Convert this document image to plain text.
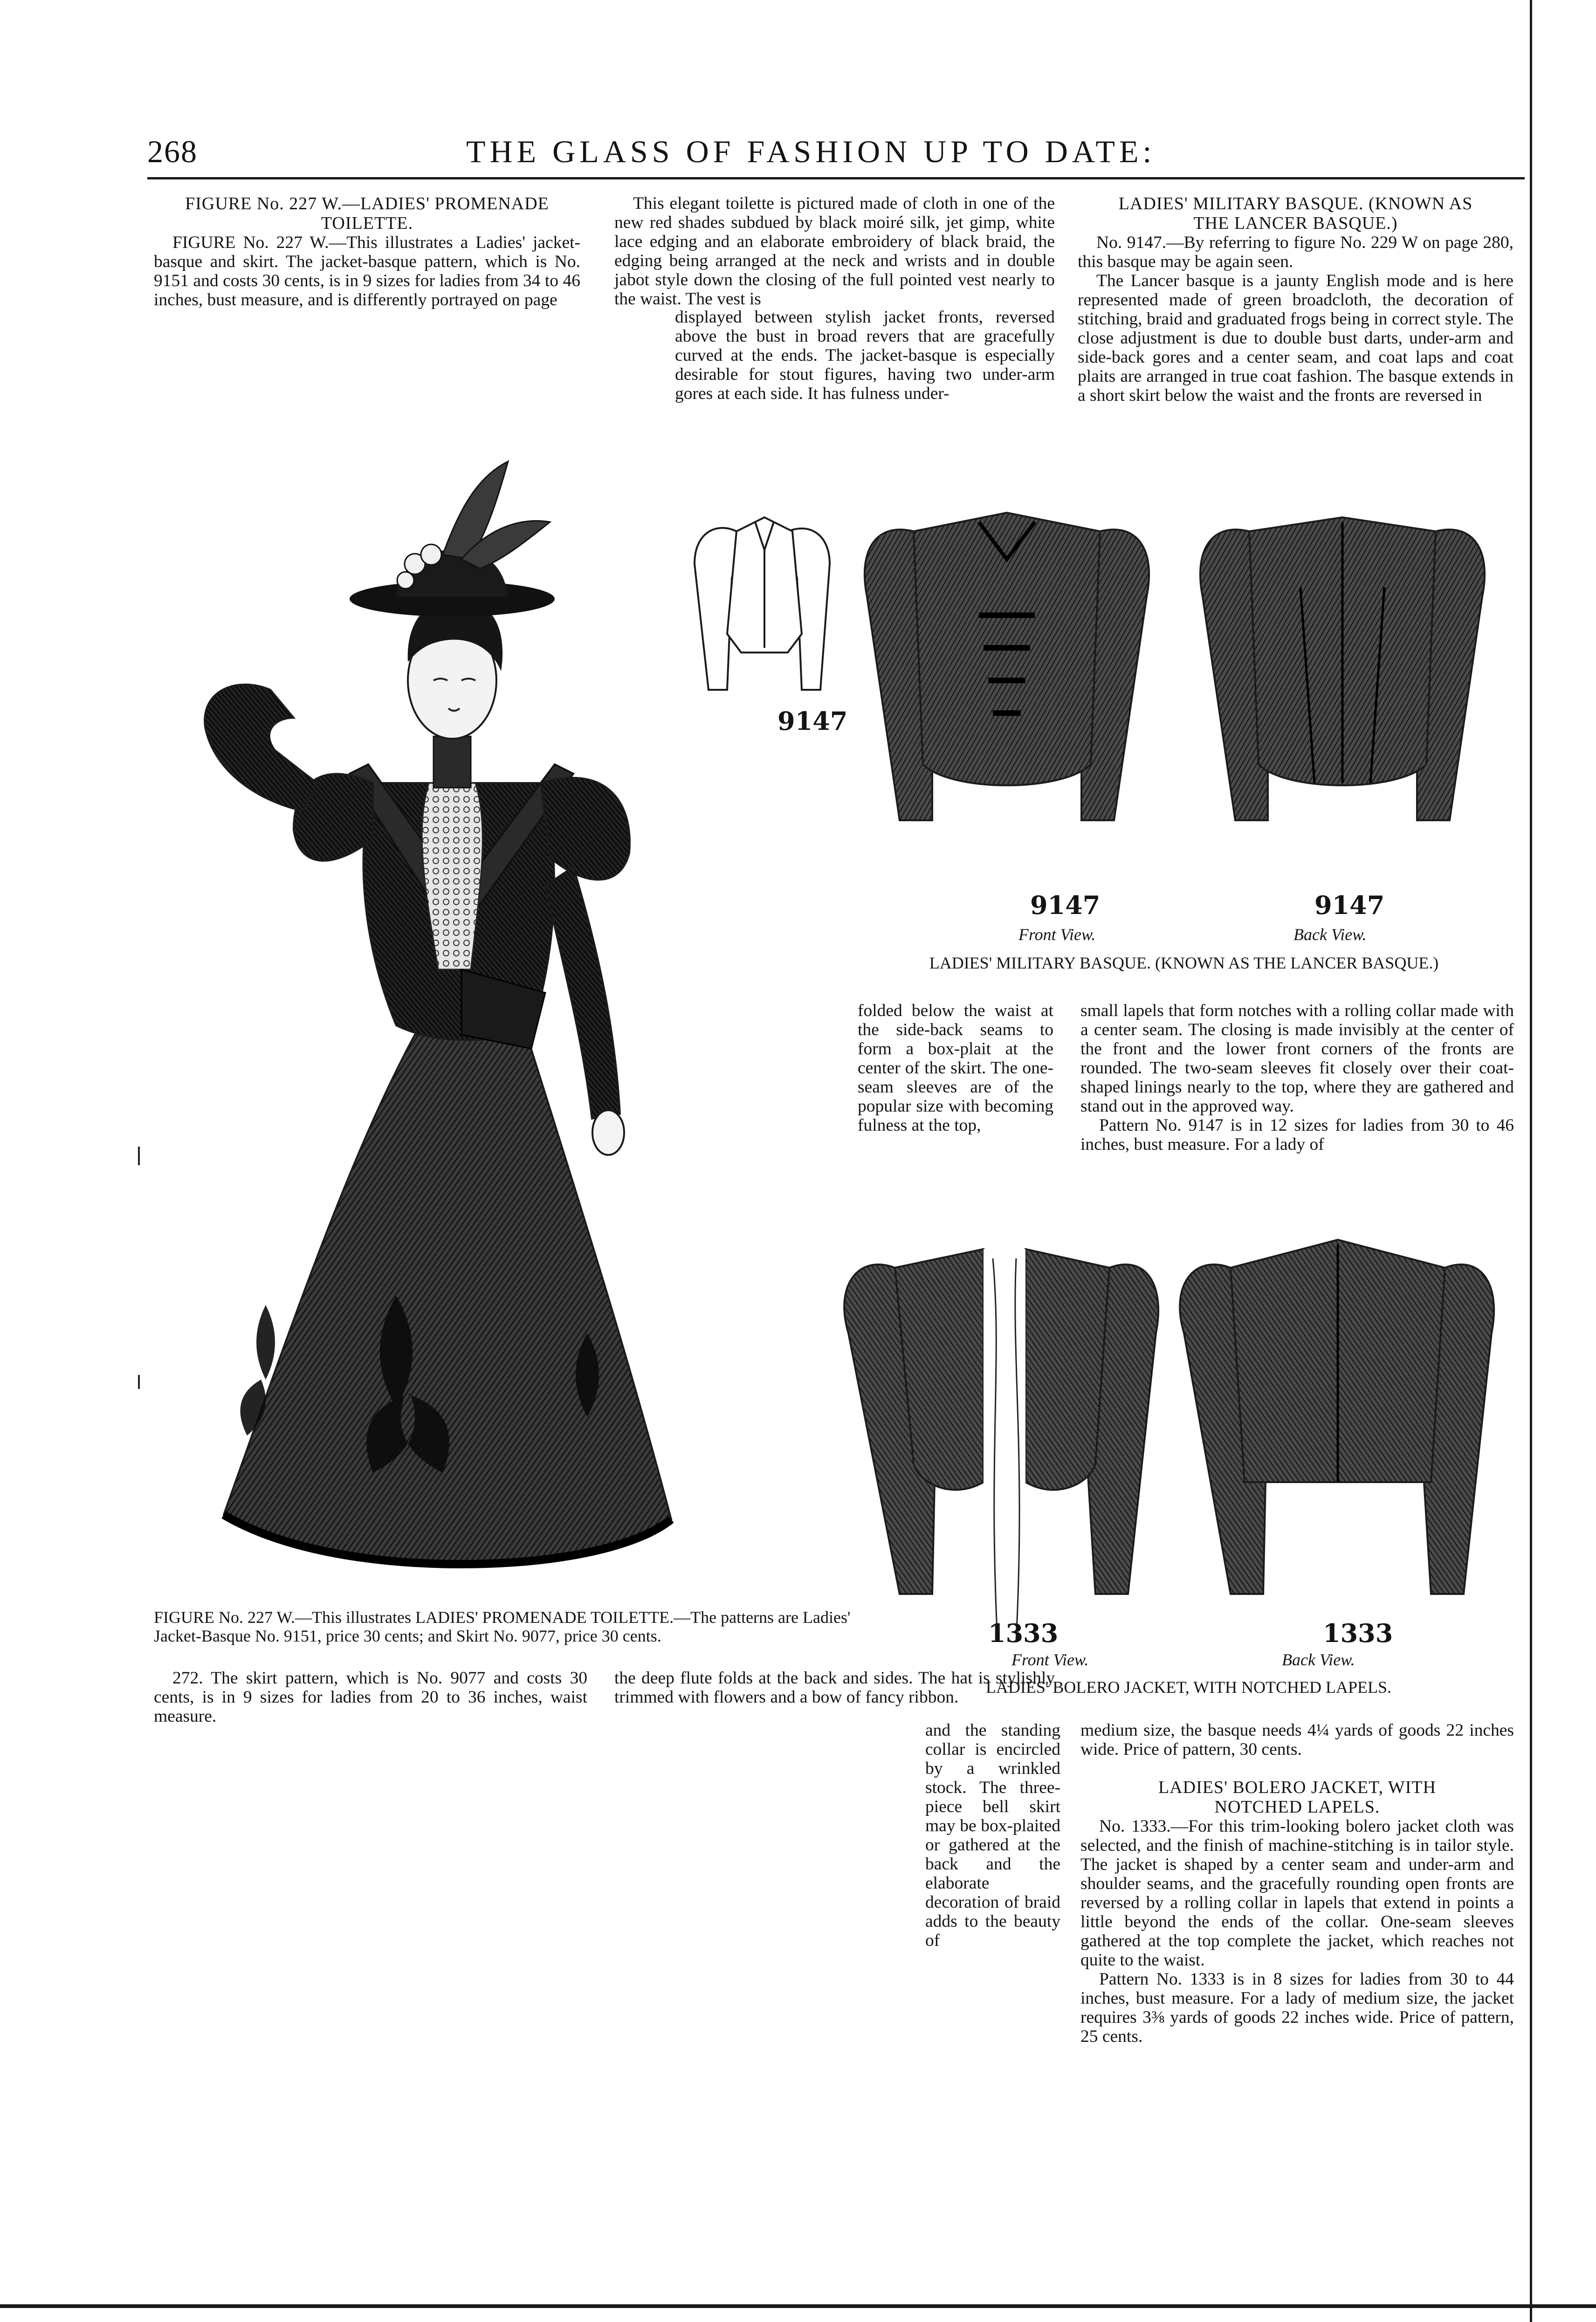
268	THE GLASS OF FASHION UP TO DATE:
FIGURE No. 227 W.—LADIES' PROMENADE
TOILETTE.

FIGURE No. 227 W.—This illustrates a Ladies' jacket-basque and skirt. The jacket-basque pattern, which is No. 9151 and costs 30 cents, is in 9 sizes for ladies from 34 to 46 inches, bust measure, and is differently portrayed on page

This elegant toilette is pictured made of cloth in one of the new red shades subdued by black moiré silk, jet gimp, white lace edging and an elaborate embroidery of black braid, the edging being arranged at the neck and wrists and in double jabot style down the closing of the full pointed vest nearly to the waist. The vest is

displayed between stylish jacket fronts, reversed above the bust in broad revers that are gracefully curved at the ends. The jacket-basque is especially desirable for stout figures, having two under-arm gores at each side. It has fulness under-

LADIES' MILITARY BASQUE. (KNOWN AS
THE LANCER BASQUE.)

No. 9147.—By referring to figure No. 229 W on page 280, this basque may be again seen.

The Lancer basque is a jaunty English mode and is here represented made of green broadcloth, the decoration of stitching, braid and graduated frogs being in correct style. The close adjustment is due to double bust darts, under-arm and side-back gores and a center seam, and coat laps and coat plaits are arranged in true coat fashion. The basque extends in a short skirt below the waist and the fronts are reversed in

FIGURE No. 227 W.—This illustrates LADIES' PROMENADE TOILETTE.—The patterns are Ladies' Jacket-Basque No. 9151, price 30 cents; and Skirt No. 9077, price 30 cents.

272. The skirt pattern, which is No. 9077 and costs 30 cents, is in 9 sizes for ladies from 20 to 36 inches, waist measure.

the deep flute folds at the back and sides. The hat is stylishly trimmed with flowers and a bow of fancy ribbon.

9147
9147	9147
Front View.	Back View.
LADIES' MILITARY BASQUE. (KNOWN AS THE LANCER BASQUE.)

folded below the waist at the side-back seams to form a box-plait at the center of the skirt. The one-seam sleeves are of the popular size with becoming fulness at the top,

small lapels that form notches with a rolling collar made with a center seam. The closing is made invisibly at the center of the front and the lower front corners of the fronts are rounded. The two-seam sleeves fit closely over their coat-shaped linings nearly to the top, where they are gathered and stand out in the approved way.

Pattern No. 9147 is in 12 sizes for ladies from 30 to 46 inches, bust measure. For a lady of

1333	1333
Front View.	Back View.
LADIES' BOLERO JACKET, WITH NOTCHED LAPELS.

and the standing collar is encircled by a wrinkled stock. The three-piece bell skirt may be box-plaited or gathered at the back and the elaborate decoration of braid adds to the beauty of

medium size, the basque needs 4¼ yards of goods 22 inches wide. Price of pattern, 30 cents.

LADIES' BOLERO JACKET, WITH
NOTCHED LAPELS.

No. 1333.—For this trim-looking bolero jacket cloth was selected, and the finish of machine-stitching is in tailor style. The jacket is shaped by a center seam and under-arm and shoulder seams, and the gracefully rounding open fronts are reversed by a rolling collar in lapels that extend in points a little beyond the ends of the collar. One-seam sleeves gathered at the top complete the jacket, which reaches not quite to the waist.

Pattern No. 1333 is in 8 sizes for ladies from 30 to 44 inches, bust measure. For a lady of medium size, the jacket requires 3⅜ yards of goods 22 inches wide. Price of pattern, 25 cents.
